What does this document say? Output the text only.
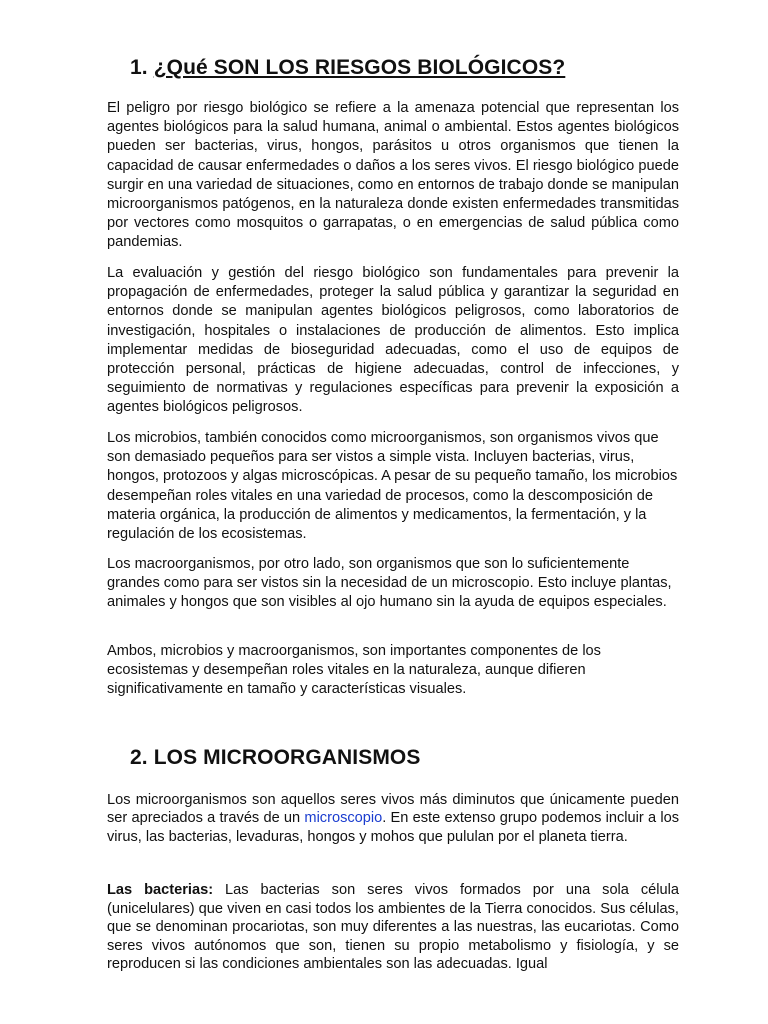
1. ¿Qué SON LOS RIESGOS BIOLÓGICOS?

El peligro por riesgo biológico se refiere a la amenaza potencial que representan los agentes biológicos para la salud humana, animal o ambiental. Estos agentes biológicos pueden ser bacterias, virus, hongos, parásitos u otros organismos que tienen la capacidad de causar enfermedades o daños a los seres vivos. El riesgo biológico puede surgir en una variedad de situaciones, como en entornos de trabajo donde se manipulan microorganismos patógenos, en la naturaleza donde existen enfermedades transmitidas por vectores como mosquitos o garrapatas, o en emergencias de salud pública como pandemias.

La evaluación y gestión del riesgo biológico son fundamentales para prevenir la propagación de enfermedades, proteger la salud pública y garantizar la seguridad en entornos donde se manipulan agentes biológicos peligrosos, como laboratorios de investigación, hospitales o instalaciones de producción de alimentos. Esto implica implementar medidas de bioseguridad adecuadas, como el uso de equipos de protección personal, prácticas de higiene adecuadas, control de infecciones, y seguimiento de normativas y regulaciones específicas para prevenir la exposición a agentes biológicos peligrosos.

Los microbios, también conocidos como microorganismos, son organismos vivos que son demasiado pequeños para ser vistos a simple vista. Incluyen bacterias, virus, hongos, protozoos y algas microscópicas. A pesar de su pequeño tamaño, los microbios desempeñan roles vitales en una variedad de procesos, como la descomposición de materia orgánica, la producción de alimentos y medicamentos, la fermentación, y la regulación de los ecosistemas.

Los macroorganismos, por otro lado, son organismos que son lo suficientemente grandes como para ser vistos sin la necesidad de un microscopio. Esto incluye plantas, animales y hongos que son visibles al ojo humano sin la ayuda de equipos especiales.

Ambos, microbios y macroorganismos, son importantes componentes de los ecosistemas y desempeñan roles vitales en la naturaleza, aunque difieren significativamente en tamaño y características visuales.

2. LOS MICROORGANISMOS

Los microorganismos son aquellos seres vivos más diminutos que únicamente pueden ser apreciados a través de un microscopio. En este extenso grupo podemos incluir a los virus, las bacterias, levaduras, hongos y mohos que pululan por el planeta tierra.

Las bacterias: Las bacterias son seres vivos formados por una sola célula (unicelulares) que viven en casi todos los ambientes de la Tierra conocidos. Sus células, que se denominan procariotas, son muy diferentes a las nuestras, las eucariotas. Como seres vivos autónomos que son, tienen su propio metabolismo y fisiología, y se reproducen si las condiciones ambientales son las adecuadas. Igual
